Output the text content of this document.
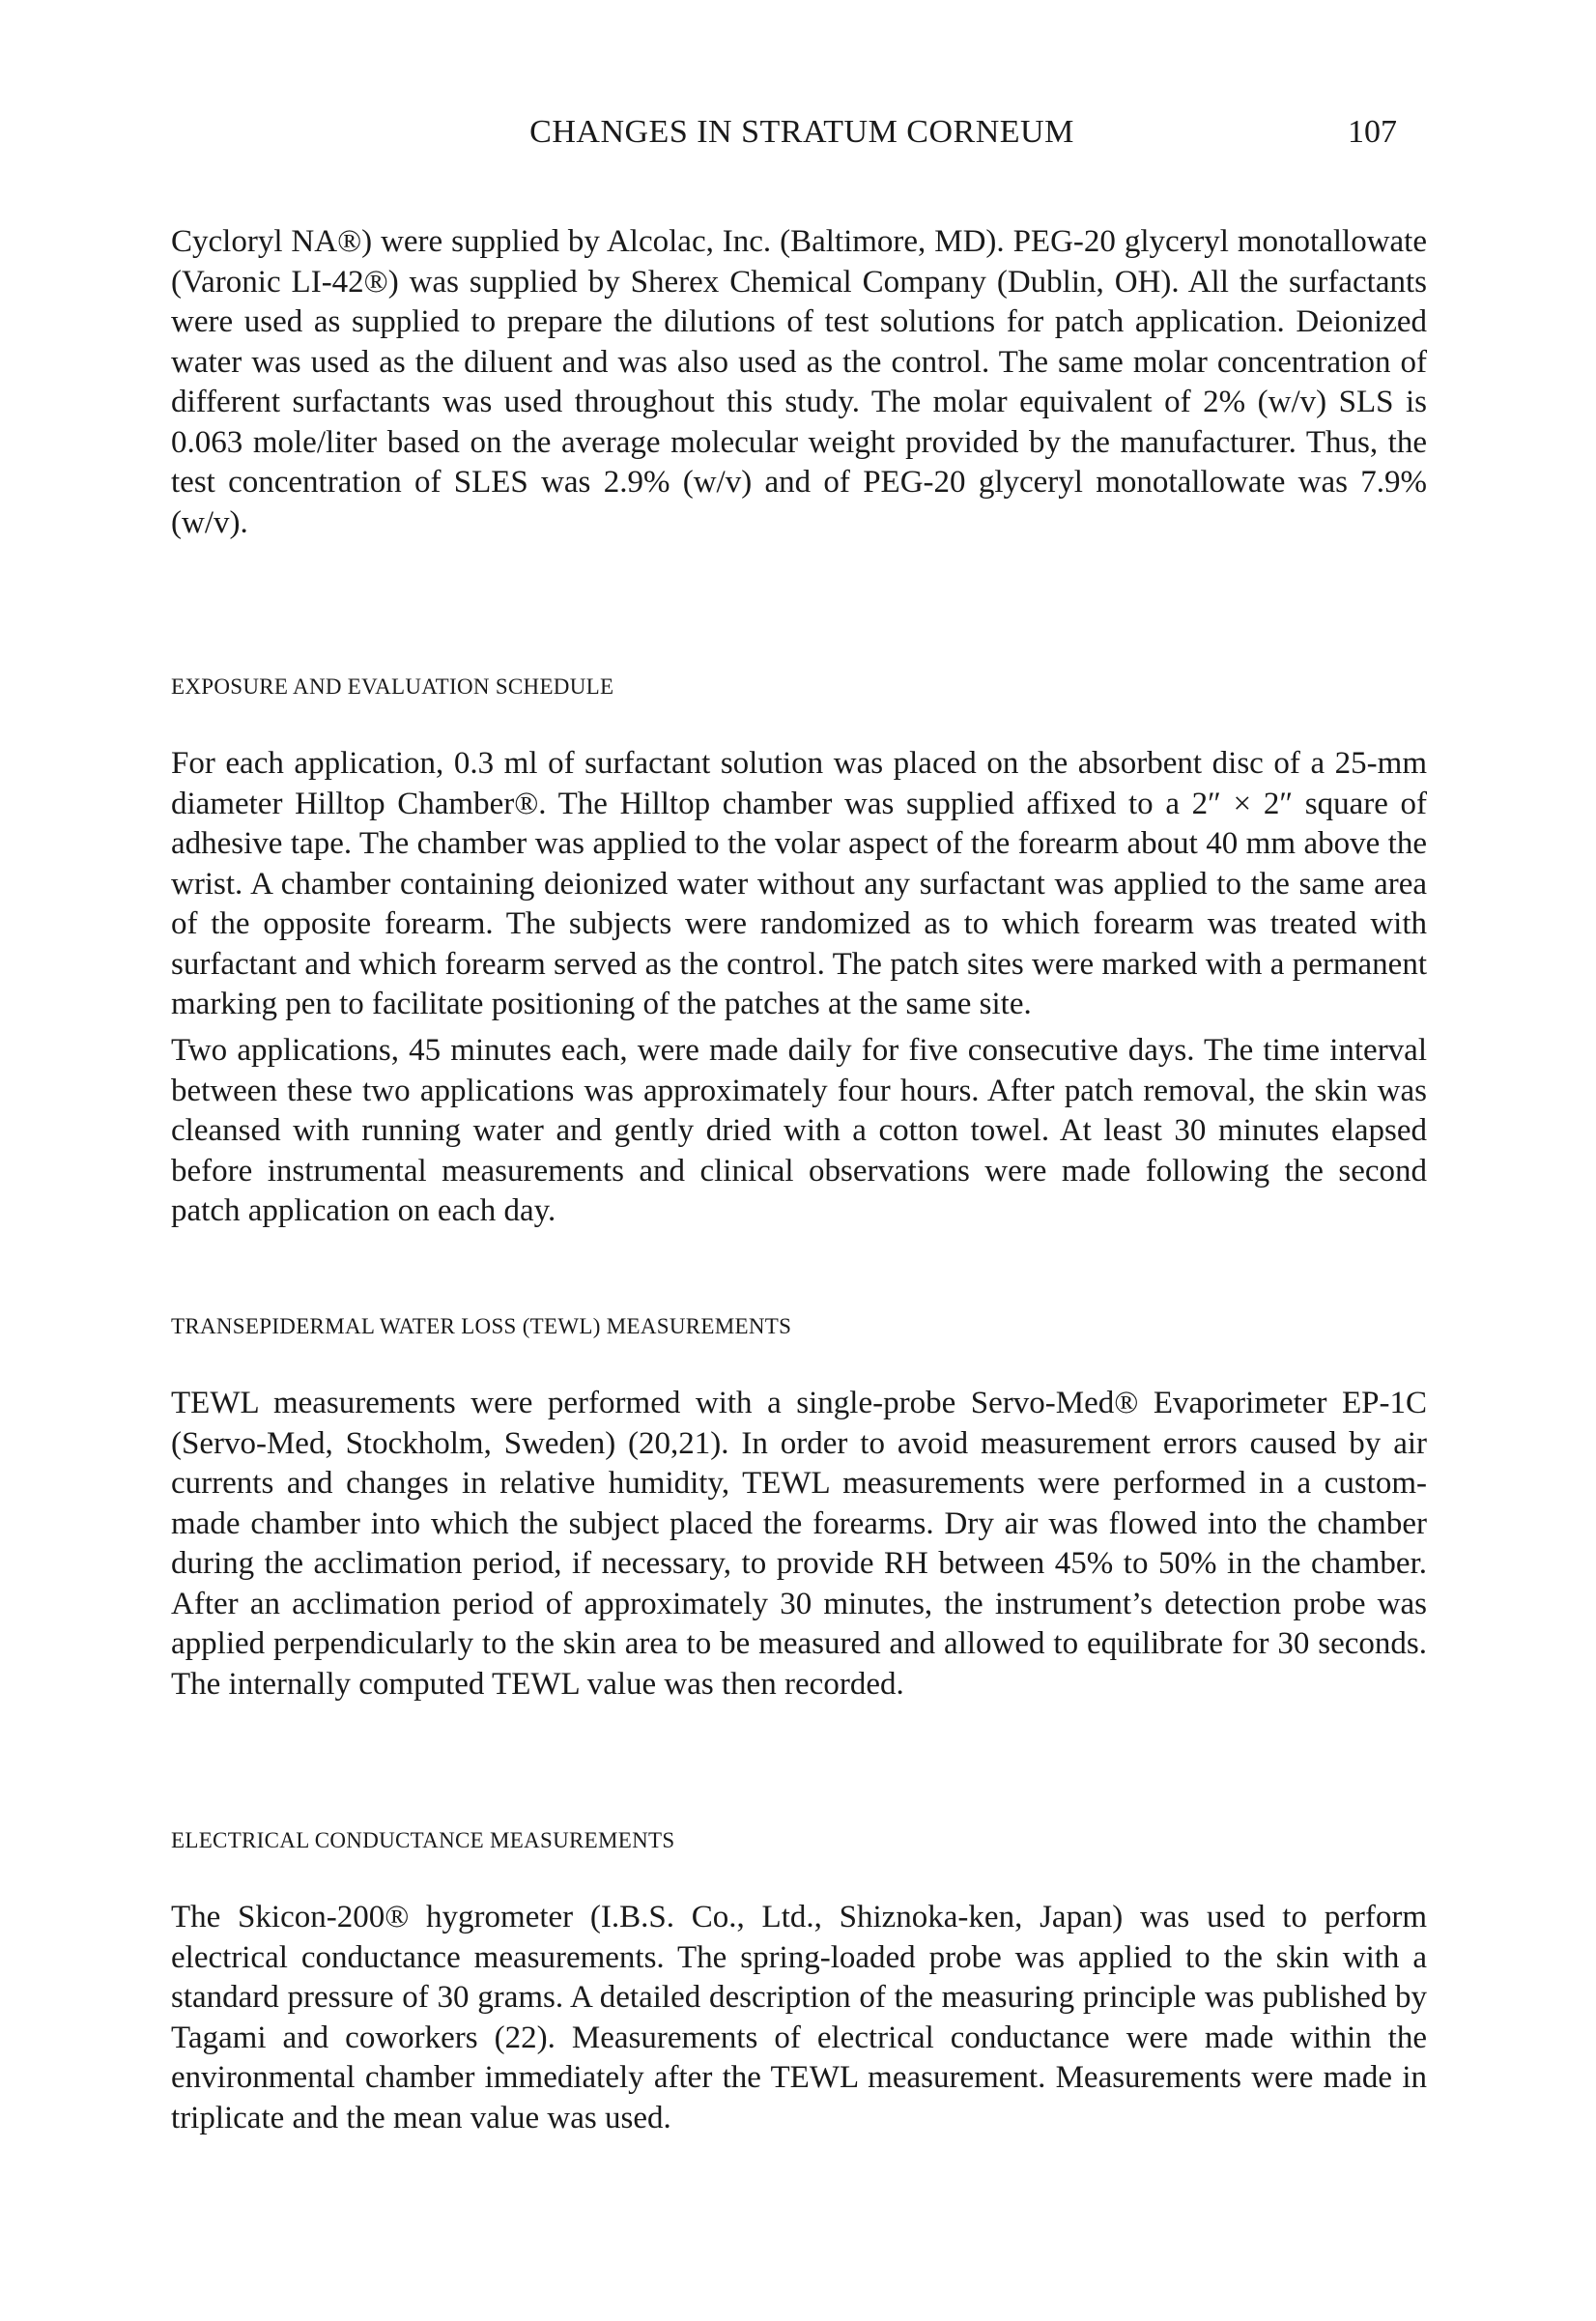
CHANGES IN STRATUM CORNEUM	107

Cycloryl NA®) were supplied by Alcolac, Inc. (Baltimore, MD). PEG-20 glyceryl monotallowate (Varonic LI-42®) was supplied by Sherex Chemical Company (Dublin, OH). All the surfactants were used as supplied to prepare the dilutions of test solutions for patch application. Deionized water was used as the diluent and was also used as the control. The same molar concentration of different surfactants was used throughout this study. The molar equivalent of 2% (w/v) SLS is 0.063 mole/liter based on the average molecular weight provided by the manufacturer. Thus, the test concentration of SLES was 2.9% (w/v) and of PEG-20 glyceryl monotallowate was 7.9% (w/v).

EXPOSURE AND EVALUATION SCHEDULE

For each application, 0.3 ml of surfactant solution was placed on the absorbent disc of a 25-mm diameter Hilltop Chamber®. The Hilltop chamber was supplied affixed to a 2″ × 2″ square of adhesive tape. The chamber was applied to the volar aspect of the forearm about 40 mm above the wrist. A chamber containing deionized water without any surfactant was applied to the same area of the opposite forearm. The subjects were randomized as to which forearm was treated with surfactant and which forearm served as the control. The patch sites were marked with a permanent marking pen to facilitate positioning of the patches at the same site.

Two applications, 45 minutes each, were made daily for five consecutive days. The time interval between these two applications was approximately four hours. After patch removal, the skin was cleansed with running water and gently dried with a cotton towel. At least 30 minutes elapsed before instrumental measurements and clinical observations were made following the second patch application on each day.

TRANSEPIDERMAL WATER LOSS (TEWL) MEASUREMENTS

TEWL measurements were performed with a single-probe Servo-Med® Evaporimeter EP-1C (Servo-Med, Stockholm, Sweden) (20,21). In order to avoid measurement errors caused by air currents and changes in relative humidity, TEWL measurements were performed in a custom-made chamber into which the subject placed the forearms. Dry air was flowed into the chamber during the acclimation period, if necessary, to provide RH between 45% to 50% in the chamber. After an acclimation period of approximately 30 minutes, the instrument’s detection probe was applied perpendicularly to the skin area to be measured and allowed to equilibrate for 30 seconds. The internally computed TEWL value was then recorded.

ELECTRICAL CONDUCTANCE MEASUREMENTS

The Skicon-200® hygrometer (I.B.S. Co., Ltd., Shiznoka-ken, Japan) was used to perform electrical conductance measurements. The spring-loaded probe was applied to the skin with a standard pressure of 30 grams. A detailed description of the measuring principle was published by Tagami and coworkers (22). Measurements of electrical conductance were made within the environmental chamber immediately after the TEWL measurement. Measurements were made in triplicate and the mean value was used.
